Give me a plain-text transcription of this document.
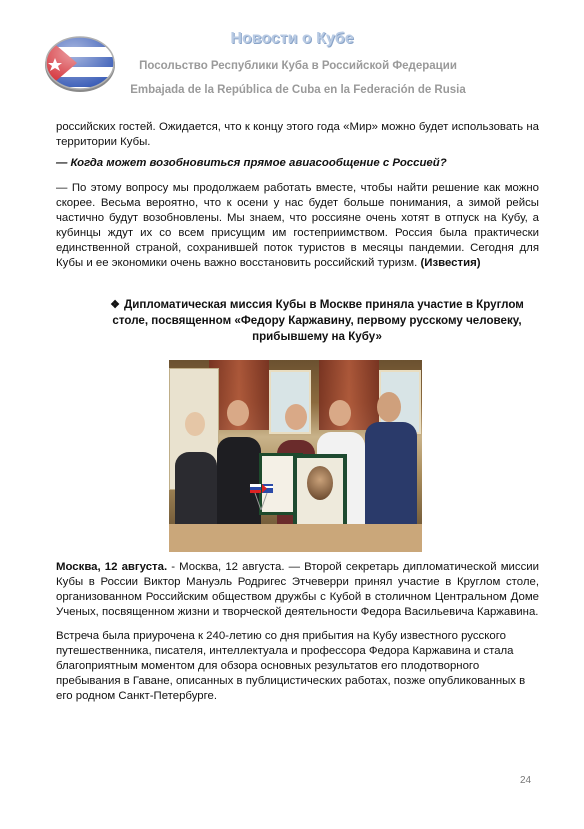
Новости о Кубе
Посольство Республики Куба в Российской Федерации
Embajada de la República de Cuba en la Federación de Rusia

российских гостей. Ожидается, что к концу этого года «Мир» можно будет использовать на территории Кубы.

— Когда может возобновиться прямое авиасообщение с Россией?

— По этому вопросу мы продолжаем работать вместе, чтобы найти решение как можно скорее. Весьма вероятно, что к осени у нас будет больше понимания, а зимой рейсы частично будут возобновлены. Мы знаем, что россияне очень хотят в отпуск на Кубу, а кубинцы ждут их со всем присущим им гостеприимством. Россия была практически единственной страной, сохранившей поток туристов в месяцы пандемии. Сегодня для Кубы и ее экономики очень важно восстановить российский туризм. (Известия)

❖ Дипломатическая миссия Кубы в Москве приняла участие в Круглом столе, посвященном «Федору Каржавину, первому русскому человеку, прибывшему на Кубу»

Москва, 12 августа. - Москва, 12 августа. — Второй секретарь дипломатической миссии Кубы в России Виктор Мануэль Родригес Этчеверри принял участие в Круглом столе, организованном Российским обществом дружбы с Кубой в столичном Центральном Доме Ученых, посвященном жизни и творческой деятельности Федора Васильевича Каржавина.

Встреча была приурочена к 240-летию со дня прибытия на Кубу известного русского путешественника, писателя, интеллектуала и профессора Федора Каржавина и стала благоприятным моментом для обзора основных результатов его плодотворного пребывания в Гаване, описанных в публицистических работах, позже опубликованных в его родном Санкт-Петербурге.

24
